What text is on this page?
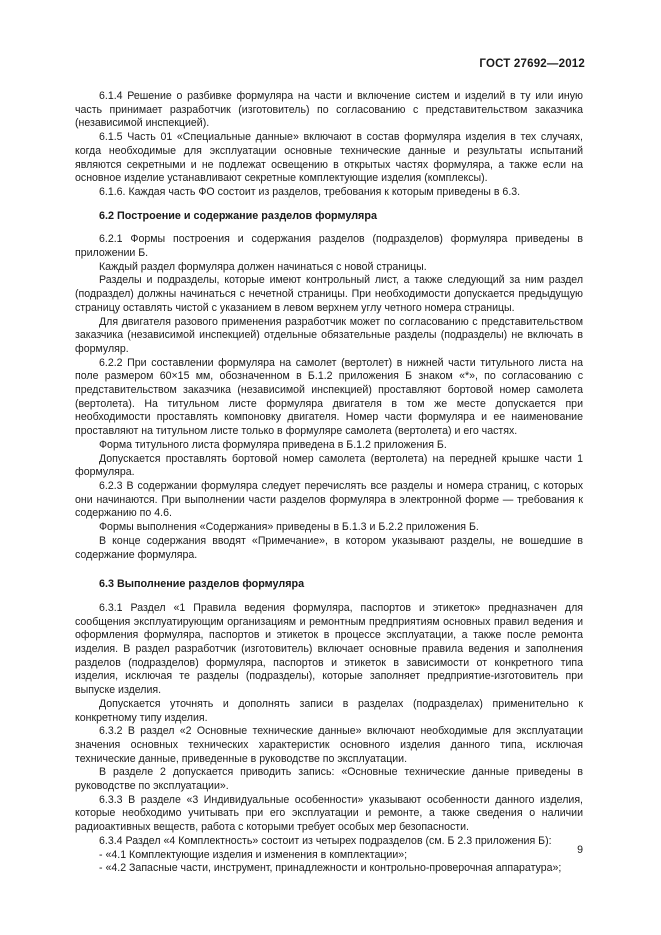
ГОСТ 27692—2012

6.1.4 Решение о разбивке формуляра на части и включение систем и изделий в ту или иную часть принимает разработчик (изготовитель) по согласованию с представительством заказчика (независимой инспекцией).

6.1.5 Часть 01 «Специальные данные» включают в состав формуляра изделия в тех случаях, когда необходимые для эксплуатации основные технические данные и результаты испытаний являются секретными и не подлежат освещению в открытых частях формуляра, а также если на основное изделие устанавливают секретные комплектующие изделия (комплексы).

6.1.6. Каждая часть ФО состоит из разделов, требования к которым приведены в 6.3.

6.2 Построение и содержание разделов формуляра

6.2.1 Формы построения и содержания разделов (подразделов) формуляра приведены в приложении Б.

Каждый раздел формуляра должен начинаться с новой страницы.

Разделы и подразделы, которые имеют контрольный лист, а также следующий за ним раздел (подраздел) должны начинаться с нечетной страницы. При необходимости допускается предыдущую страницу оставлять чистой с указанием в левом верхнем углу четного номера страницы.

Для двигателя разового применения разработчик может по согласованию с представительством заказчика (независимой инспекцией) отдельные обязательные разделы (подразделы) не включать в формуляр.

6.2.2 При составлении формуляра на самолет (вертолет) в нижней части титульного листа на поле размером 60×15 мм, обозначенном в Б.1.2 приложения Б знаком «*», по согласованию с представительством заказчика (независимой инспекцией) проставляют бортовой номер самолета (вертолета). На титульном листе формуляра двигателя в том же месте допускается при необходимости проставлять компоновку двигателя. Номер части формуляра и ее наименование проставляют на титульном листе только в формуляре самолета (вертолета) и его частях.

Форма титульного листа формуляра приведена в Б.1.2 приложения Б.

Допускается проставлять бортовой номер самолета (вертолета) на передней крышке части 1 формуляра.

6.2.3 В содержании формуляра следует перечислять все разделы и номера страниц, с которых они начинаются. При выполнении части разделов формуляра в электронной форме — требования к содержанию по 4.6.

Формы выполнения «Содержания» приведены в Б.1.3 и Б.2.2 приложения Б.

В конце содержания вводят «Примечание», в котором указывают разделы, не вошедшие в содержание формуляра.

6.3 Выполнение разделов формуляра

6.3.1 Раздел «1 Правила ведения формуляра, паспортов и этикеток» предназначен для сообщения эксплуатирующим организациям и ремонтным предприятиям основных правил ведения и оформления формуляра, паспортов и этикеток в процессе эксплуатации, а также после ремонта изделия. В раздел разработчик (изготовитель) включает основные правила ведения и заполнения разделов (подразделов) формуляра, паспортов и этикеток в зависимости от конкретного типа изделия, исключая те разделы (подразделы), которые заполняет предприятие-изготовитель при выпуске изделия.

Допускается уточнять и дополнять записи в разделах (подразделах) применительно к конкретному типу изделия.

6.3.2 В раздел «2 Основные технические данные» включают необходимые для эксплуатации значения основных технических характеристик основного изделия данного типа, исключая технические данные, приведенные в руководстве по эксплуатации.

В разделе 2 допускается приводить запись: «Основные технические данные приведены в руководстве по эксплуатации».

6.3.3 В разделе «3 Индивидуальные особенности» указывают особенности данного изделия, которые необходимо учитывать при его эксплуатации и ремонте, а также сведения о наличии радиоактивных веществ, работа с которыми требует особых мер безопасности.

6.3.4 Раздел «4 Комплектность» состоит из четырех подразделов (см. Б 2.3 приложения Б):

- «4.1 Комплектующие изделия и изменения в комплектации»;

- «4.2 Запасные части, инструмент, принадлежности и контрольно-проверочная аппаратура»;

9
